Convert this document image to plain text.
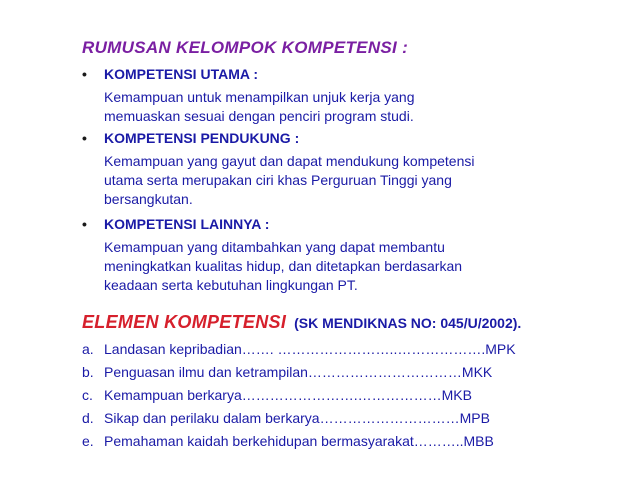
RUMUSAN KELOMPOK KOMPETENSI :
• KOMPETENSI UTAMA :
Kemampuan untuk menampilkan unjuk kerja yang
memuaskan sesuai dengan penciri program studi.
• KOMPETENSI PENDUKUNG :
Kemampuan yang gayut dan dapat mendukung kompetensi
utama serta merupakan ciri khas Perguruan Tinggi yang
bersangkutan.
• KOMPETENSI LAINNYA :
Kemampuan yang ditambahkan yang dapat membantu
meningkatkan kualitas hidup, dan ditetapkan berdasarkan
keadaan serta kebutuhan lingkungan PT.
ELEMEN KOMPETENSI (SK MENDIKNAS NO: 045/U/2002).
a. Landasan kepribadian……. ……………………..……………….MPK
b. Penguasan ilmu dan ketrampilan……………………………MKK
c. Kemampuan berkarya…………………….………………MKB
d. Sikap dan perilaku dalam berkarya…………………………MPB
e. Pemahaman kaidah berkehidupan bermasyarakat………..MBB
